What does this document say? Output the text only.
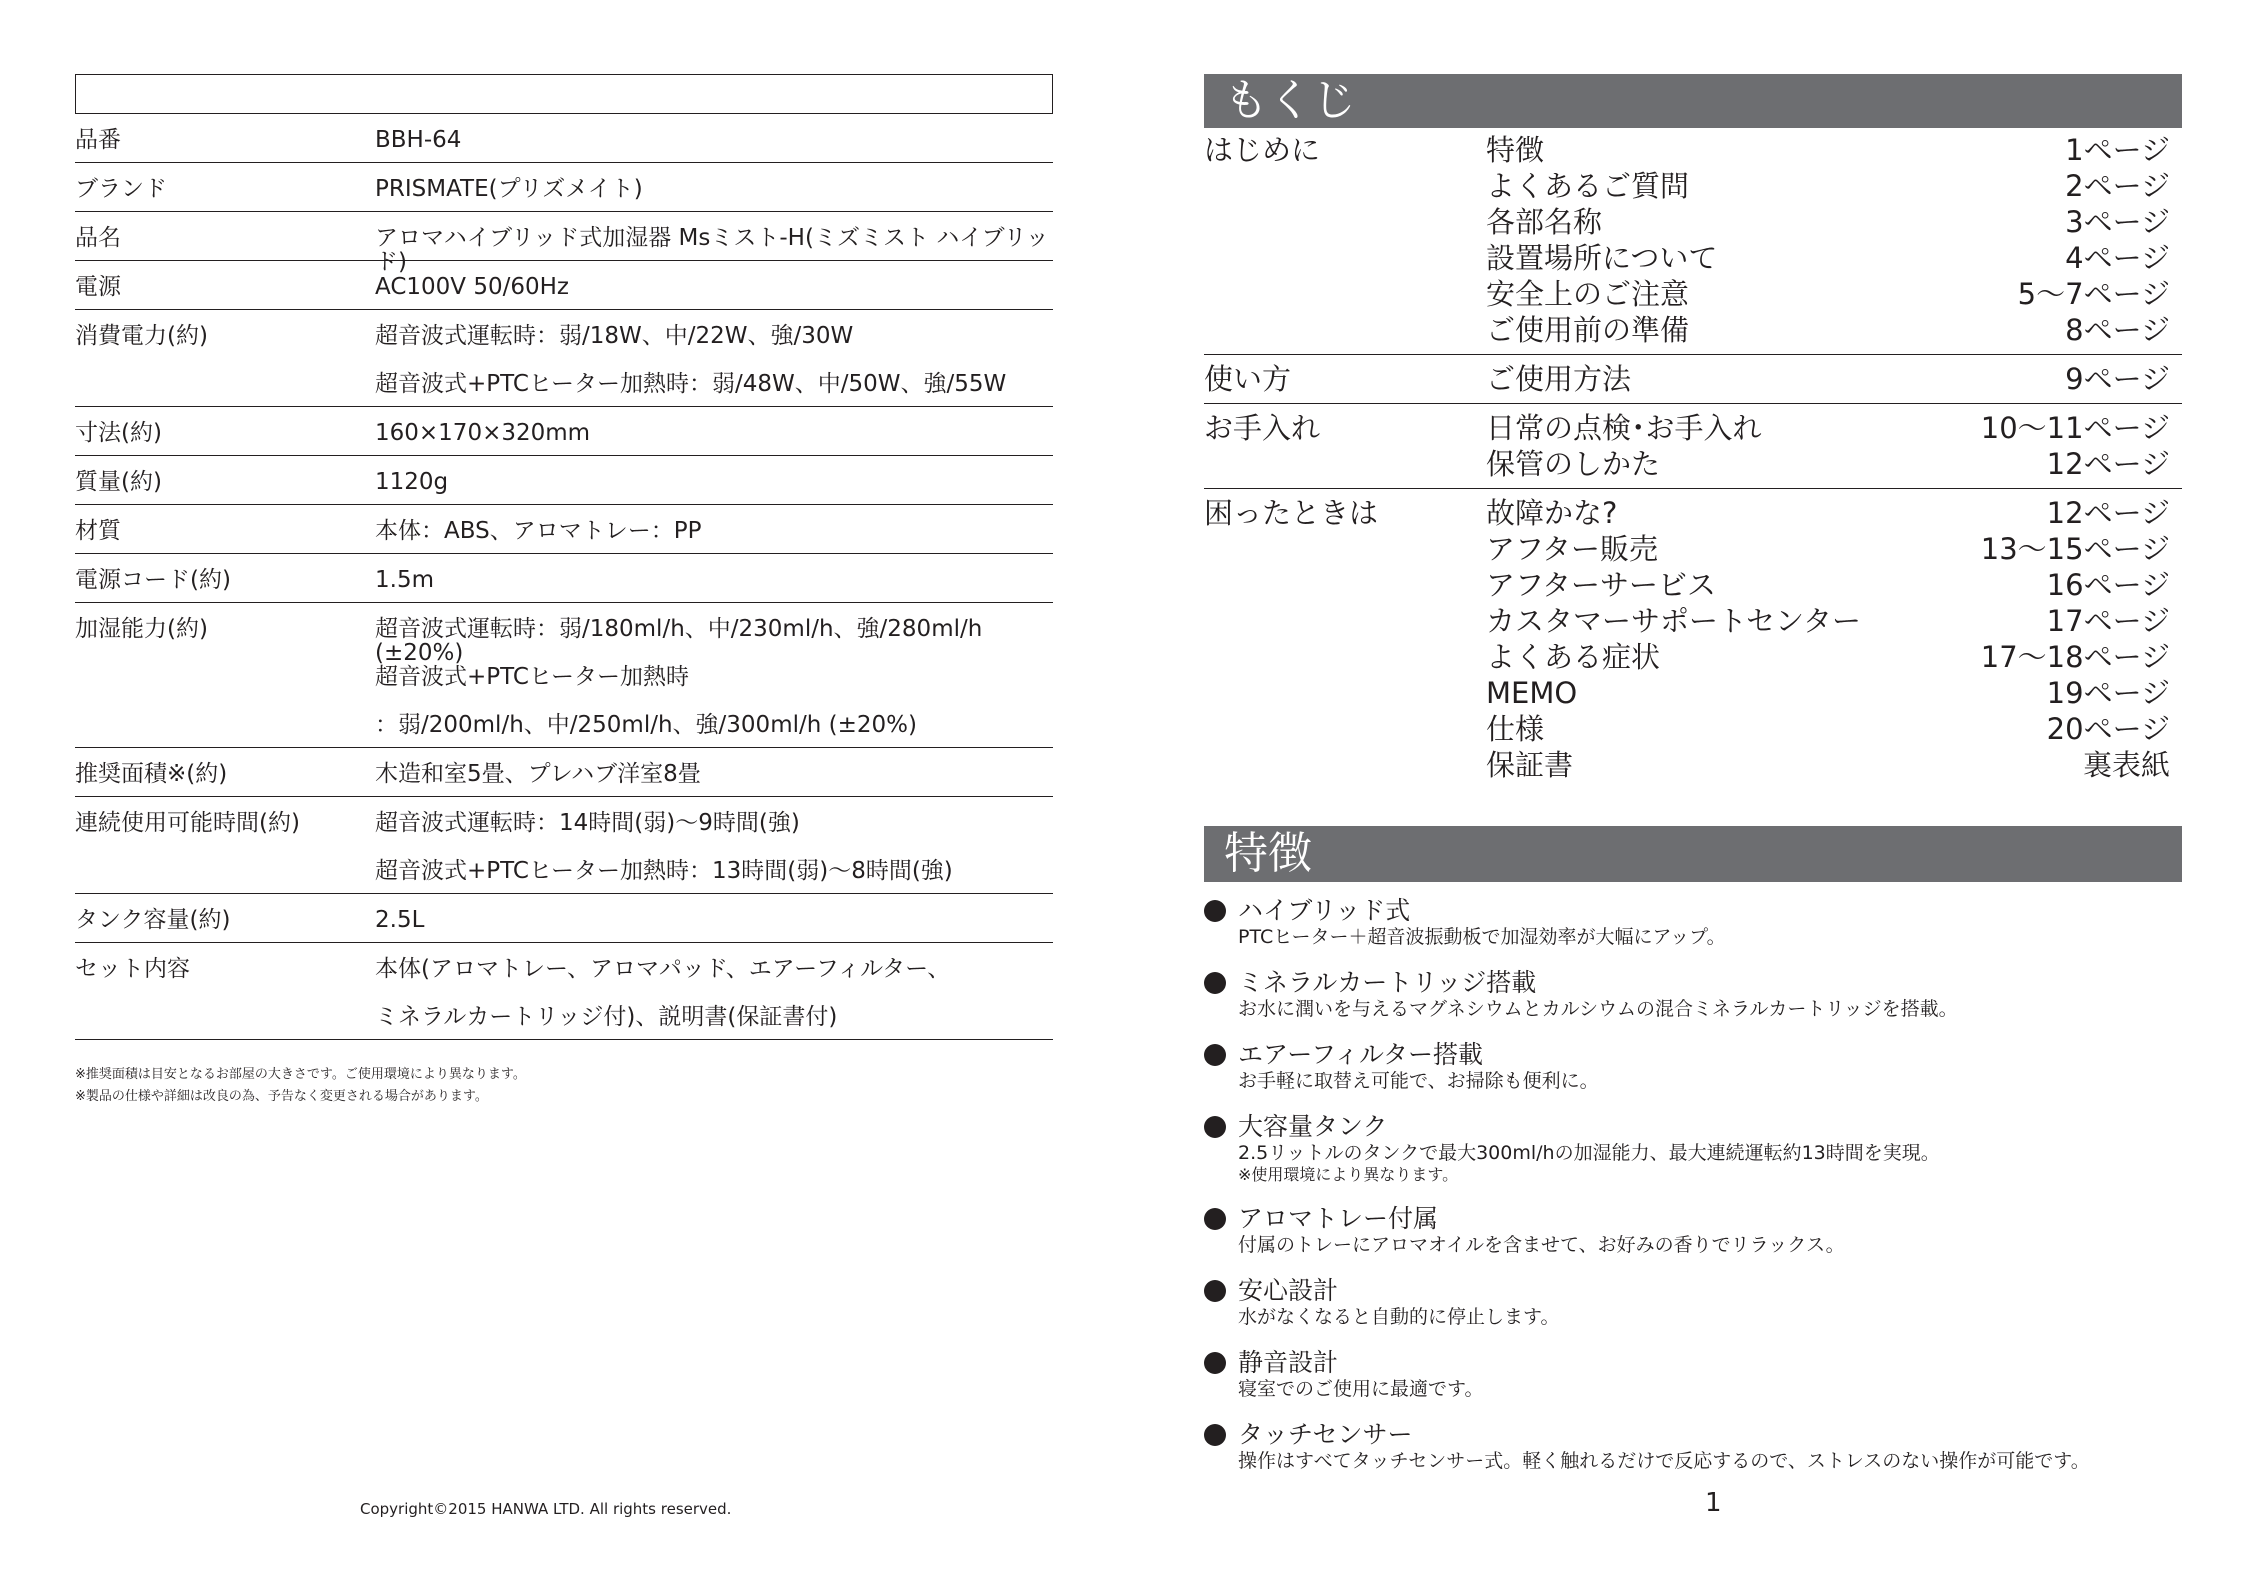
品番	BBH-64
ブランド	PRISMATE(プリズメイト)
品名	アロマハイブリッド式加湿器 Msミスト-H(ミズミスト ハイブリッド)
電源	AC100V 50/60Hz
消費電力(約)	超音波式運転時：弱/18W、中/22W、強/30W
超音波式+PTCヒーター加熱時：弱/48W、中/50W、強/55W
寸法(約)	160×170×320mm
質量(約)	1120g
材質	本体：ABS、アロマトレー：PP
電源コード(約)	1.5m
加湿能力(約)	超音波式運転時：弱/180ml/h、中/230ml/h、強/280ml/h (±20%)
超音波式+PTCヒーター加熱時
：弱/200ml/h、中/250ml/h、強/300ml/h (±20%)
推奨面積※(約)	木造和室5畳、プレハブ洋室8畳
連続使用可能時間(約)	超音波式運転時：14時間(弱)～9時間(強)
超音波式+PTCヒーター加熱時：13時間(弱)～8時間(強)
タンク容量(約)	2.5L
セット内容	本体(アロマトレー、アロマパッド、エアーフィルター、
ミネラルカートリッジ付)、説明書(保証書付)
※推奨面積は目安となるお部屋の大きさです。ご使用環境により異なります。
※製品の仕様や詳細は改良の為、予告なく変更される場合があります。
Copyright©2015 HANWA LTD. All rights reserved.
もくじ
はじめに	特徴	1ページ
よくあるご質問	2ページ
各部名称	3ページ
設置場所について	4ページ
安全上のご注意	5～7ページ
ご使用前の準備	8ページ
使い方	ご使用方法	9ページ
お手入れ	日常の点検･お手入れ	10～11ページ
保管のしかた	12ページ
困ったときは	故障かな?	12ページ
アフター販売	13～15ページ
アフターサービス	16ページ
カスタマーサポートセンター	17ページ
よくある症状	17～18ページ
MEMO	19ページ
仕様	20ページ
保証書	裏表紙
特徴
ハイブリッド式
PTCヒーター＋超音波振動板で加湿効率が大幅にアップ。
ミネラルカートリッジ搭載
お水に潤いを与えるマグネシウムとカルシウムの混合ミネラルカートリッジを搭載。
エアーフィルター搭載
お手軽に取替え可能で、お掃除も便利に。
大容量タンク
2.5リットルのタンクで最大300ml/hの加湿能力、最大連続運転約13時間を実現。
※使用環境により異なります。
アロマトレー付属
付属のトレーにアロマオイルを含ませて、お好みの香りでリラックス。
安心設計
水がなくなると自動的に停止します。
静音設計
寝室でのご使用に最適です。
タッチセンサー
操作はすべてタッチセンサー式。軽く触れるだけで反応するので、ストレスのない操作が可能です。
1
